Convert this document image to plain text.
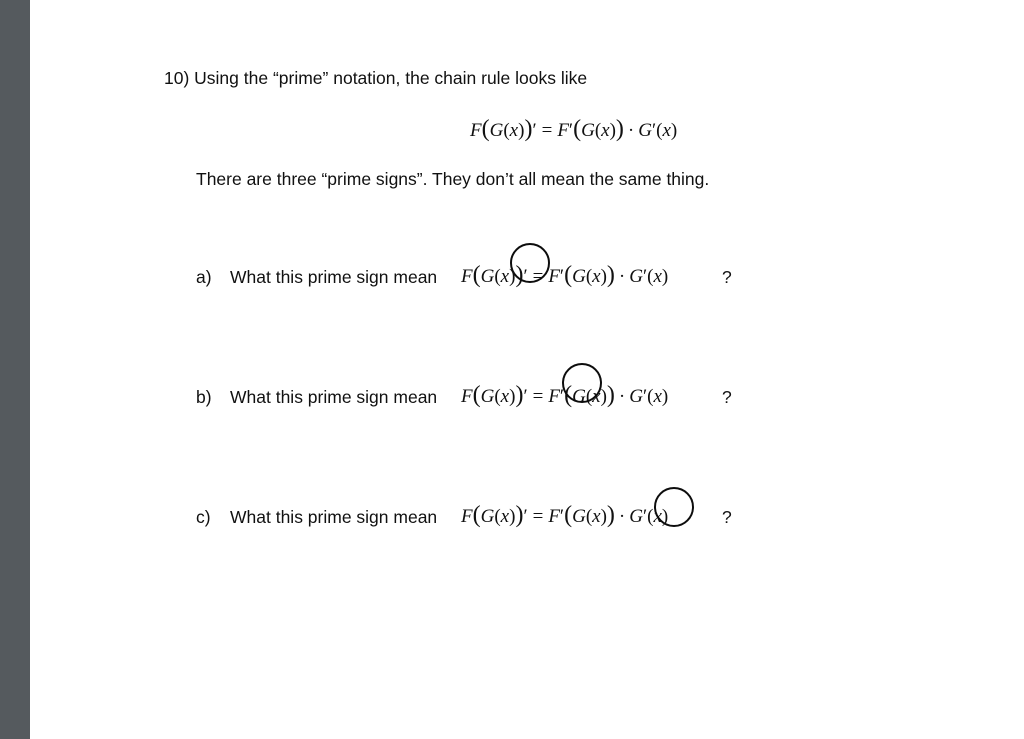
10) Using the “prime” notation, the chain rule looks like
F(G(x))′ = F′(G(x)) · G′(x)
There are three “prime signs”. They don’t all mean the same thing.
a) What this prime sign mean F(G(x))′ = F′(G(x)) · G′(x)	?
b) What this prime sign mean F(G(x))′ = F′(G(x)) · G′(x)	?
c) What this prime sign mean F(G(x))′ = F′(G(x)) · G′(x)	?
